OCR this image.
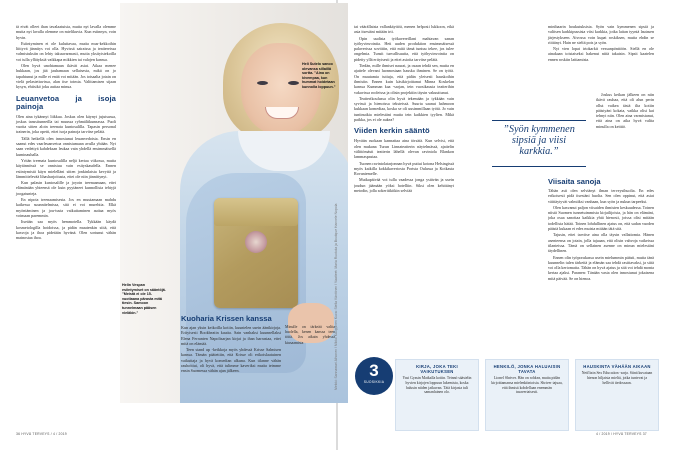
tä eivät olleet ihan tavalaatuisia, mutta nyt lavalla olemme mutta nyt lavalla olemme on mielikuvia. Kun esiinnyn, voin hyvin.

Esiintyminen ei ole kuluttavaa, mutta mus-kekkoihin liittyvä jännitys voi olla. Hyvissä sairaissa ja teattereissa valmistuksiin on lehty takuuvarmasti, mutta yksityistekoilla voi tulla yllätyksiä vaikkapa mikkien tai valojen kanssa.

Olen hyvä unohtamaan ikävät asiat. Aikaa menee hukkaan, jos jää jauhamaan sellaisesta, mikä on jo tapahtunut ja mille ei enää voi mitään. Jos toisaalta jotain on vielä pelastettavissa, alan itse toimia. Valittamisen sijaan kysyn, ehtisikö joku auttaa minua.

Leuanvetoa ja isoja painoja

Olen aina tykännyt liikkua. Joskus olen käynyt jujutsussa, joskus tanssitunneilla tai muussa ryhmäliikunnassa. Puoli vuotta sitten aloin treenata kuntosalilla. Tapasin personal trainerin, joka opetti, ettei isoja painoja tarvitse pelätä.

Tällä hetkellä olen innostunut leuanvedoista. Ensin en saanut edes vaarleuanvetoa onnistumaan avulla yhtään. Nyt saan vedettyä kahdeksan leukaa vain yhdellä ensimmäisellä kuminauhalla.

Yritän treenata kuntosalilla neljä kertaa viikossa, mutta käytännössä se onnistuu vain esityskaudella. Ennen esiintymistä käyn mielelläni sitten jonkinlaista kevyttä ja lämmittelevää lihasharjoitusta, ettei ole niin jännittynyt.

Kun palasin kuntosalille ja joyoin treenaamaan, ettei elämänään yhteensä ole kuin pyytäneet kunnollisia tehtyjä joogatunteja.

En nipota treenaamisesta. Jos en muutamaan mahdu kaikessa suunnitelmissa, sitä ei voi murehtia. Elkä myöntäminen ja jou-tusta vaikuttaminen auttaa myös voimaan paremmin.

Itseään saa myös hemmotella. Tykkään käydä kosmetologilla hoidoissa, ja pidän muutenkin siitä, että kasvoja ja ihoa pidetään hyvänä. Olen sortunut vähän mainostaa ihoa.

Helin Vespan esiintymiset on sääntöjä. "Meistä ei ole 15-vuotiaana pärasta mitä tiesin. Samoon tunnelmaan pääsen vieläkin."
Heli Sutelo sanoo olevansa sillaillä sortta. "Aina on kivempaa, kun hummat hoidetaan kunnolla loppuun."
Meikki: Sannamari Alhonen / Mikko Kauppinen Kuva: Stella Vänttinen / Vaatteet: Maria Ruokola ja Boutique Hannele Nopola
Kuoharia Krissen kanssa

Kun ajan yksin keikoilla kotiin, kuuntelen usein äänikirjoja. Erityisesti Bookbeatin kautta. Sain vanhaksi kuunnellaksi Elena Ferranten Napolisarjan kirjat ja ihan harrastaa, ettei mitä on elämää.

Teen stand up -keikkoja myös yhdessä Krisse Salmisen kanssa. Tämän päätettiin, että Krisse oli erikoislaatuinen vaikuttaja ja hyvä komedian alkuna. Kun tilanne vähän rauhoittui, oli hyvä, että tulimme kaveriksi mutta teimme ensin Suomessa vähän ajan jälkeen.

Minulle on tärkeää valita huolella, kenen kanssa teen töitä. Jos aikain yhdessä kiusaamista

tai väärällaista vallankäyttöä, menen helposti lukkoon, eikä asia itsestäni mitään irti.

Opin uudista työkavereillani mahtavan sanan työhyvinvointia. Heti uuden produktion ensimmäisessä palaverissa sovittiin, että mitä tämä tuntuu tekee, jos tulee ongelmia. Tunsit turvallisuutta, että työhyvinvointia on pidetty yllä erityisesti ja ettei asioita tarvitse pelätä.

Tiedän, mille ihmiset naurat, ja osaan tehdä sen, mutta en ajattele olevani luonnostaan hauska ihminen. Se on työtä. On muutamia tuttuja, että pidän yleisesti hauskoihin ihmisiin. Ennen kuin käsikirjoittanut Minna Koskelan kanssa Kumman kaa -sarjan, tein vuosikausia teatterihin vakavissa rooleissa ja olisin projektiin täysin vakuuttunut.

Teatterikoulussa olin hyvä tekemään ja tykkään vain syvissä ja hienoissa teksteissä. Suurta saanut hahmoon kukkaan komediaa, koska se oli uusimmillaan työtä. Jo vain tuntinutkia mielestäni mutta tein kaikkien tyylien. Mikä paikka, jos ei ole aukea?

Viiden kerkin sääntö

Hyvään ruokaan kannattaa aina törsätä. Kun selvisi, että olen mukana Turun Linnateatterin näytelmässä, ajattelin välittömästi teatterin lähellä olevan ravintola Blankon lammaspastaa.

Tuonen ravintolatarjonnan hyvä puttui kotona Helsingissä myös kaikilla kokkikaveriosta Portsta Oulussa ja Kotkasta Rovaniemelle.

Mutkapäivää voi tulla vaadessa jonga ystävän ja usein joudun jäämään yöksi hotelliin. Siksi olen kehittänyt metodin, jolla sokeritikitkin selviää

minibaarin houkutuksista. Syön vain kymmenen sipsiä ja valitsen karkkipussista viisi karkkia, jotka laitan tyyntä lautasen järjestykseen. Aivossa voin kupat roskiksen, mutta ehdin se riittänyt. Hain ne sieltä pois ja syön.

Nyt vien lopat irtokarkit vessanpönttöön. Siellä en ole ainakaan toistaiseksi hakenut niitä takaisin. Sipsit kaatelen ennen roskiin lattiamista.

Joskus keikan jälkeen on niin ikävä rauhaa, että oli alun perin ollut vaikea tästä ilta kotiin päästyäni kokata, vaikka olisi kai tehnyt niin. Olen aina varmistanut, että aina on aika hyvä valita minulla on keittiö.

”Syön kymmenen sipsiä ja viisi karkkia.”
Viisaita sanoja

Tähän asti olen selviänyt ilman terveysihuolia. En edes erikoisesti pidä itsestäni huolta. Sen olen oppinut, että asiat väittäytyvät valmiiksi vanhaan, kun syön ja nukun tarpeeksi.

Olen kasvanut paljon viisaiden ihmisten keskuudessa. Toinen niistä Suomen tunnetuimmista kirjailijoista, ja hän on elämäni, joka osaa sanottaa kaikkia yhtä hienosti, joissa olisi mitään todellista hätää. Toinen lohdullinen ajatus on, että sadan vuoden päästä kukaan ei edes muista mitään tätä sitä.

Tajusin, ettei tarvitse aina olla täysin vallattomia. Hänen asenteensa on jotain, jolla tajuaan, että olisin vahvoja vaikeissa tilanteissa. Tämä on sellainen asenne on minun mielestäni täydellinen.

Ennen olin työporukassa usein mielummin päästi, mutta tänä kuunnelin tulen tärkeitä ja elämän saa tehdä rasittavaksi, ja siitä voi olla kertomatta. Tähän on hyvä ajatus ja sitä voi tehdä monta kertaa ajaksi. Paranen: Tänään vasta olen innostunut jokaisena mitä päivää. Se on hienoa.

3
SUOSIKKIA
KIRJA, JOKA TEKI VAIKUTUKSEN

Yasi Gyasin Matkalla kotiin. Teinnö säästelin hyvien kirjojen loppuun lukemista, koska halusin niiden jatkuvan. Tätä kirjasta tuli samanlainen olo.

HENKILÖ, JONKA HALUAISIN TAVATA

Lionel Shriver. Hän on rohkea, mutta pidän kirjoittamansa mielenkiintoisia. Shriver tajuaa, että ihmisä kohdellaan enemmän tasavertaisesti.

HAUSKINTA VÄHÄÄN AIKAAN

Netflixin Sex Education -sarja. Siinä kuvataan hienon hiljaista mieltä, jotka tuntevat ja hellivät tiedossaan.

36 HYVÄ TERVEYS / 4 / 2019	4 / 2019 / HYVÄ TERVEYS 37
